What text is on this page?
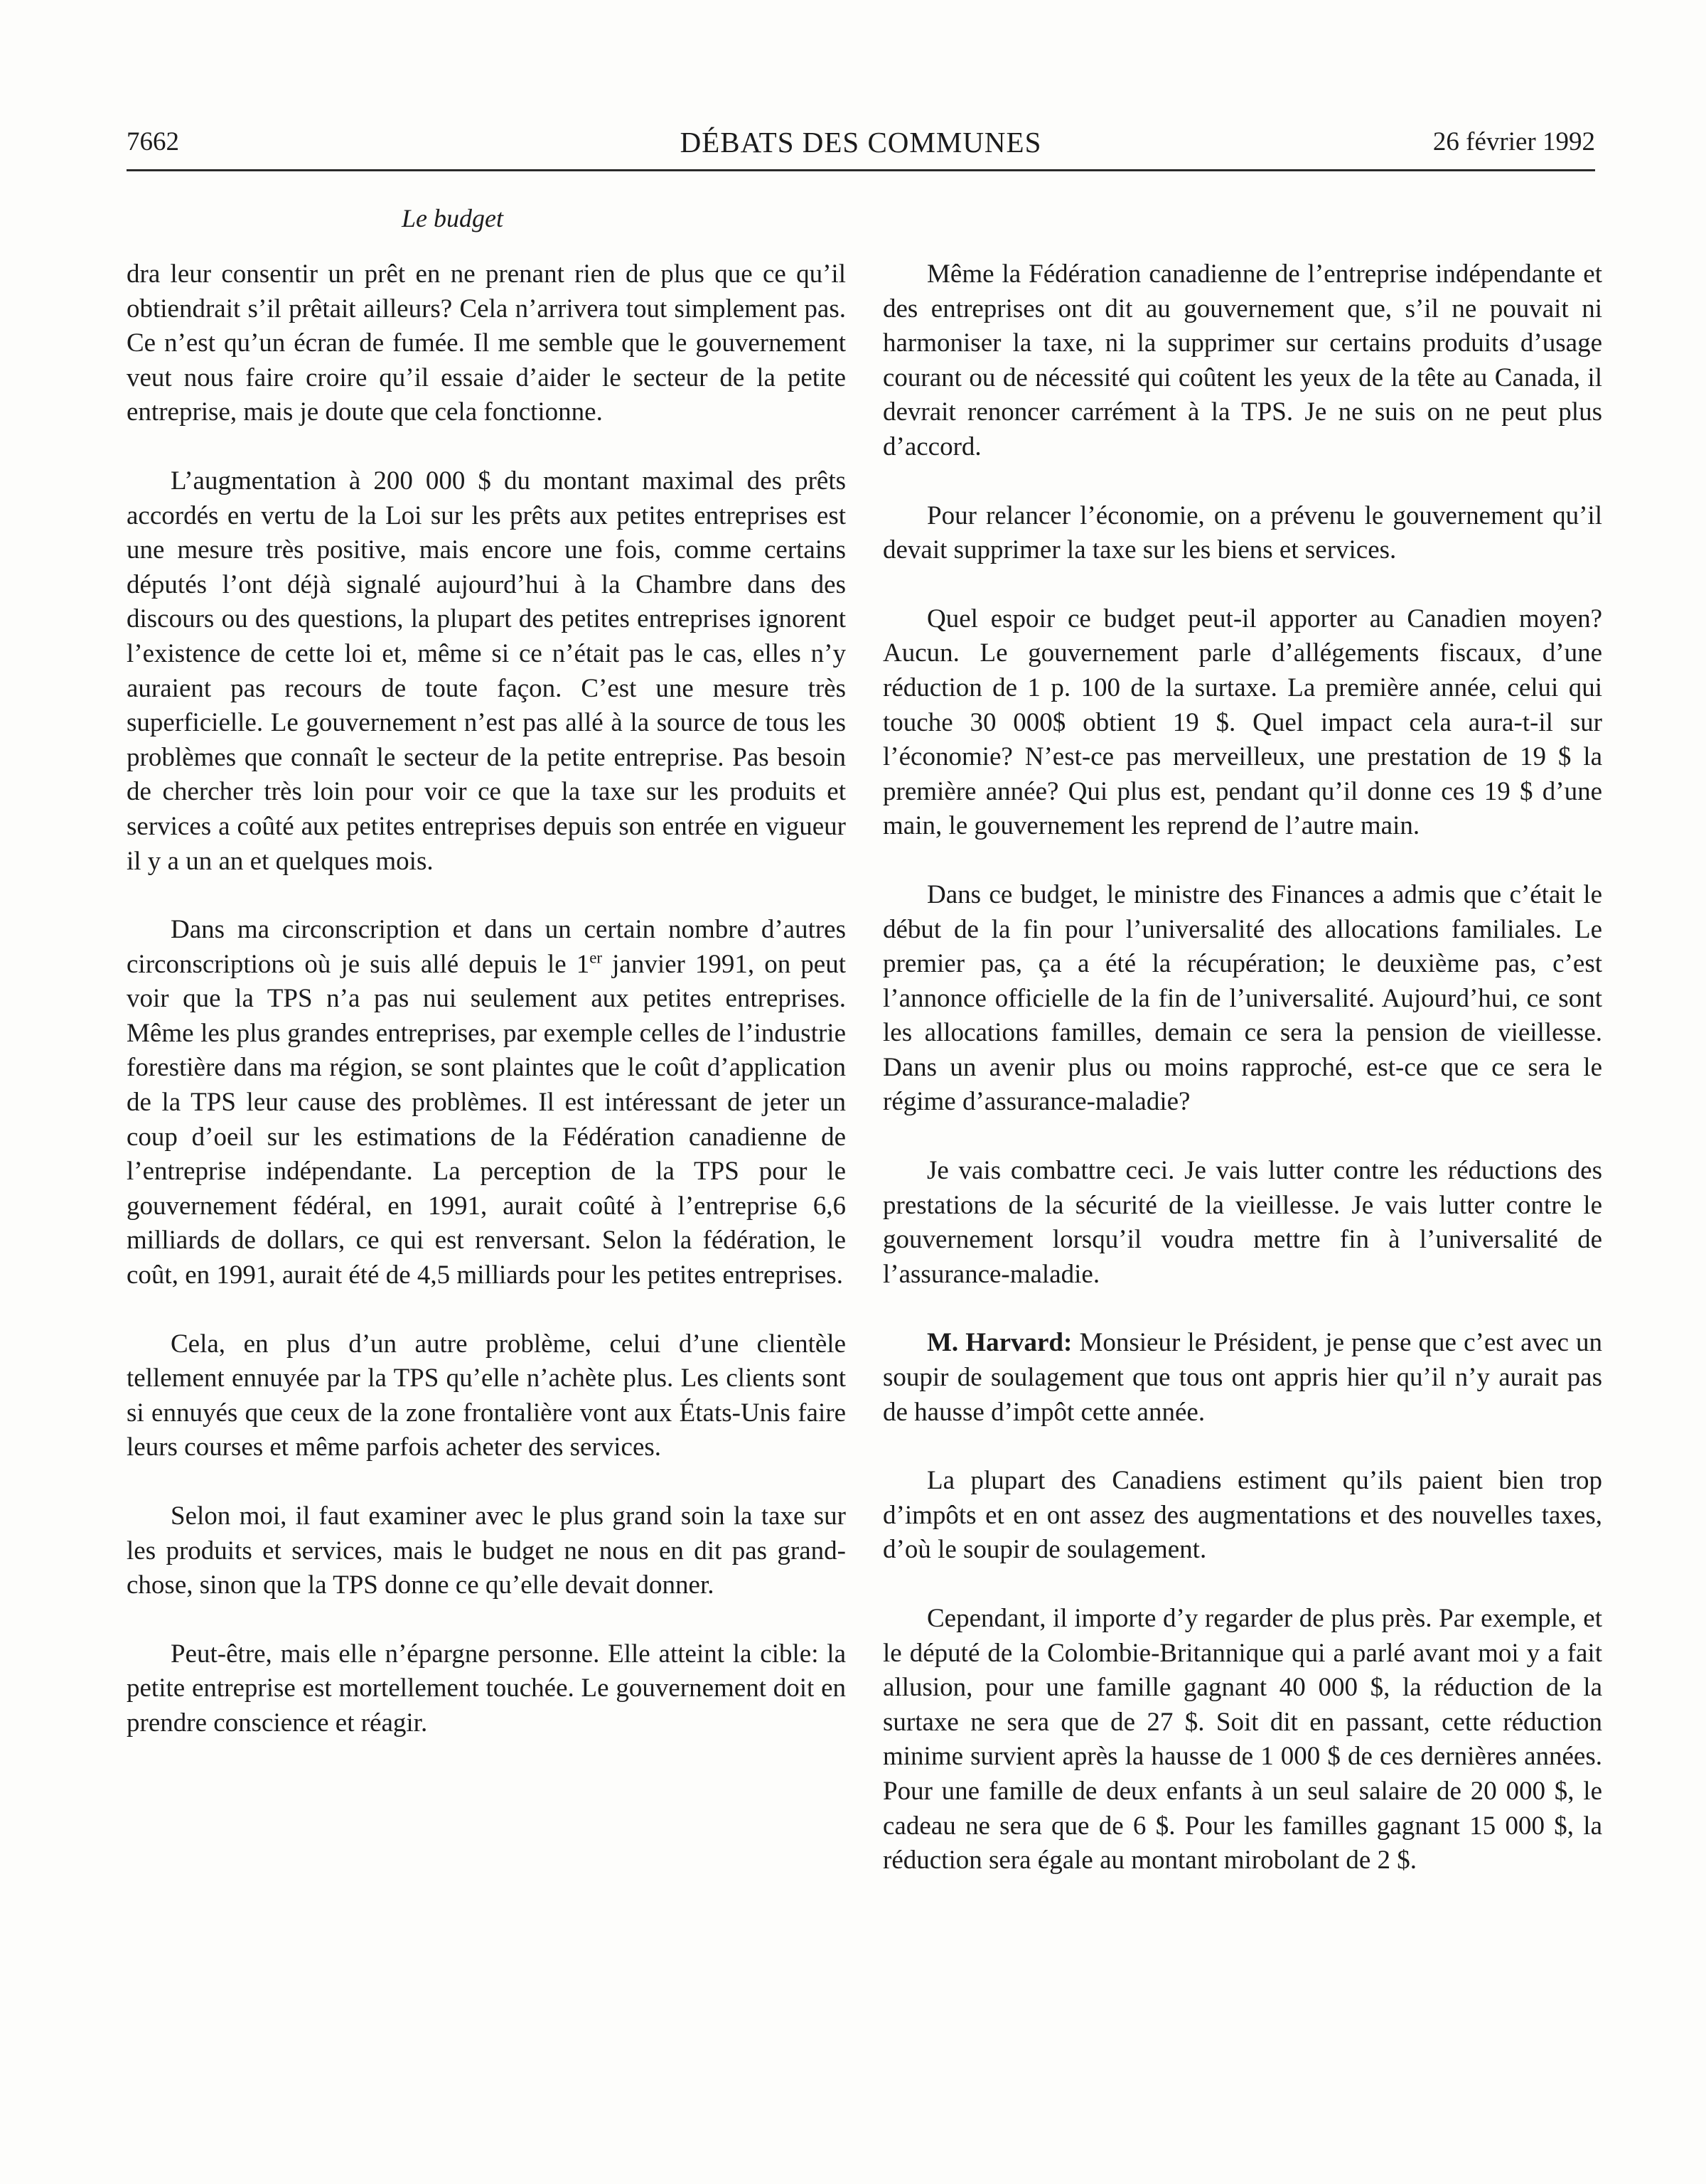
7662	DÉBATS DES COMMUNES	26 février 1992
Le budget

dra leur consentir un prêt en ne prenant rien de plus que ce qu’il obtiendrait s’il prêtait ailleurs? Cela n’arrivera tout simplement pas. Ce n’est qu’un écran de fumée. Il me semble que le gouvernement veut nous faire croire qu’il essaie d’aider le secteur de la petite entreprise, mais je doute que cela fonctionne.

L’augmentation à 200 000 $ du montant maximal des prêts accordés en vertu de la Loi sur les prêts aux petites entreprises est une mesure très positive, mais encore une fois, comme certains députés l’ont déjà signalé aujourd’hui à la Chambre dans des discours ou des questions, la plupart des petites entreprises ignorent l’existence de cette loi et, même si ce n’était pas le cas, elles n’y auraient pas recours de toute façon. C’est une mesure très superficielle. Le gouvernement n’est pas allé à la source de tous les problèmes que connaît le secteur de la petite entreprise. Pas besoin de chercher très loin pour voir ce que la taxe sur les produits et services a coûté aux petites entreprises depuis son entrée en vigueur il y a un an et quelques mois.

Dans ma circonscription et dans un certain nombre d’autres circonscriptions où je suis allé depuis le 1er janvier 1991, on peut voir que la TPS n’a pas nui seulement aux petites entreprises. Même les plus grandes entreprises, par exemple celles de l’industrie forestière dans ma région, se sont plaintes que le coût d’application de la TPS leur cause des problèmes. Il est intéressant de jeter un coup d’oeil sur les estimations de la Fédération canadienne de l’entreprise indépendante. La perception de la TPS pour le gouvernement fédéral, en 1991, aurait coûté à l’entreprise 6,6 milliards de dollars, ce qui est renversant. Selon la fédération, le coût, en 1991, aurait été de 4,5 milliards pour les petites entreprises.

Cela, en plus d’un autre problème, celui d’une clientèle tellement ennuyée par la TPS qu’elle n’achète plus. Les clients sont si ennuyés que ceux de la zone frontalière vont aux États-Unis faire leurs courses et même parfois acheter des services.

Selon moi, il faut examiner avec le plus grand soin la taxe sur les produits et services, mais le budget ne nous en dit pas grand-chose, sinon que la TPS donne ce qu’elle devait donner.

Peut-être, mais elle n’épargne personne. Elle atteint la cible: la petite entreprise est mortellement touchée. Le gouvernement doit en prendre conscience et réagir.

Même la Fédération canadienne de l’entreprise indépendante et des entreprises ont dit au gouvernement que, s’il ne pouvait ni harmoniser la taxe, ni la supprimer sur certains produits d’usage courant ou de nécessité qui coûtent les yeux de la tête au Canada, il devrait renoncer carrément à la TPS. Je ne suis on ne peut plus d’accord.

Pour relancer l’économie, on a prévenu le gouvernement qu’il devait supprimer la taxe sur les biens et services.

Quel espoir ce budget peut-il apporter au Canadien moyen? Aucun. Le gouvernement parle d’allégements fiscaux, d’une réduction de 1 p. 100 de la surtaxe. La première année, celui qui touche 30 000$ obtient 19 $. Quel impact cela aura-t-il sur l’économie? N’est-ce pas merveilleux, une prestation de 19 $ la première année? Qui plus est, pendant qu’il donne ces 19 $ d’une main, le gouvernement les reprend de l’autre main.

Dans ce budget, le ministre des Finances a admis que c’était le début de la fin pour l’universalité des allocations familiales. Le premier pas, ça a été la récupération; le deuxième pas, c’est l’annonce officielle de la fin de l’universalité. Aujourd’hui, ce sont les allocations familles, demain ce sera la pension de vieillesse. Dans un avenir plus ou moins rapproché, est-ce que ce sera le régime d’assurance-maladie?

Je vais combattre ceci. Je vais lutter contre les réductions des prestations de la sécurité de la vieillesse. Je vais lutter contre le gouvernement lorsqu’il voudra mettre fin à l’universalité de l’assurance-maladie.

M. Harvard: Monsieur le Président, je pense que c’est avec un soupir de soulagement que tous ont appris hier qu’il n’y aurait pas de hausse d’impôt cette année.

La plupart des Canadiens estiment qu’ils paient bien trop d’impôts et en ont assez des augmentations et des nouvelles taxes, d’où le soupir de soulagement.

Cependant, il importe d’y regarder de plus près. Par exemple, et le député de la Colombie-Britannique qui a parlé avant moi y a fait allusion, pour une famille gagnant 40 000 $, la réduction de la surtaxe ne sera que de 27 $. Soit dit en passant, cette réduction minime survient après la hausse de 1 000 $ de ces dernières années. Pour une famille de deux enfants à un seul salaire de 20 000 $, le cadeau ne sera que de 6 $. Pour les familles gagnant 15 000 $, la réduction sera égale au montant mirobolant de 2 $.
